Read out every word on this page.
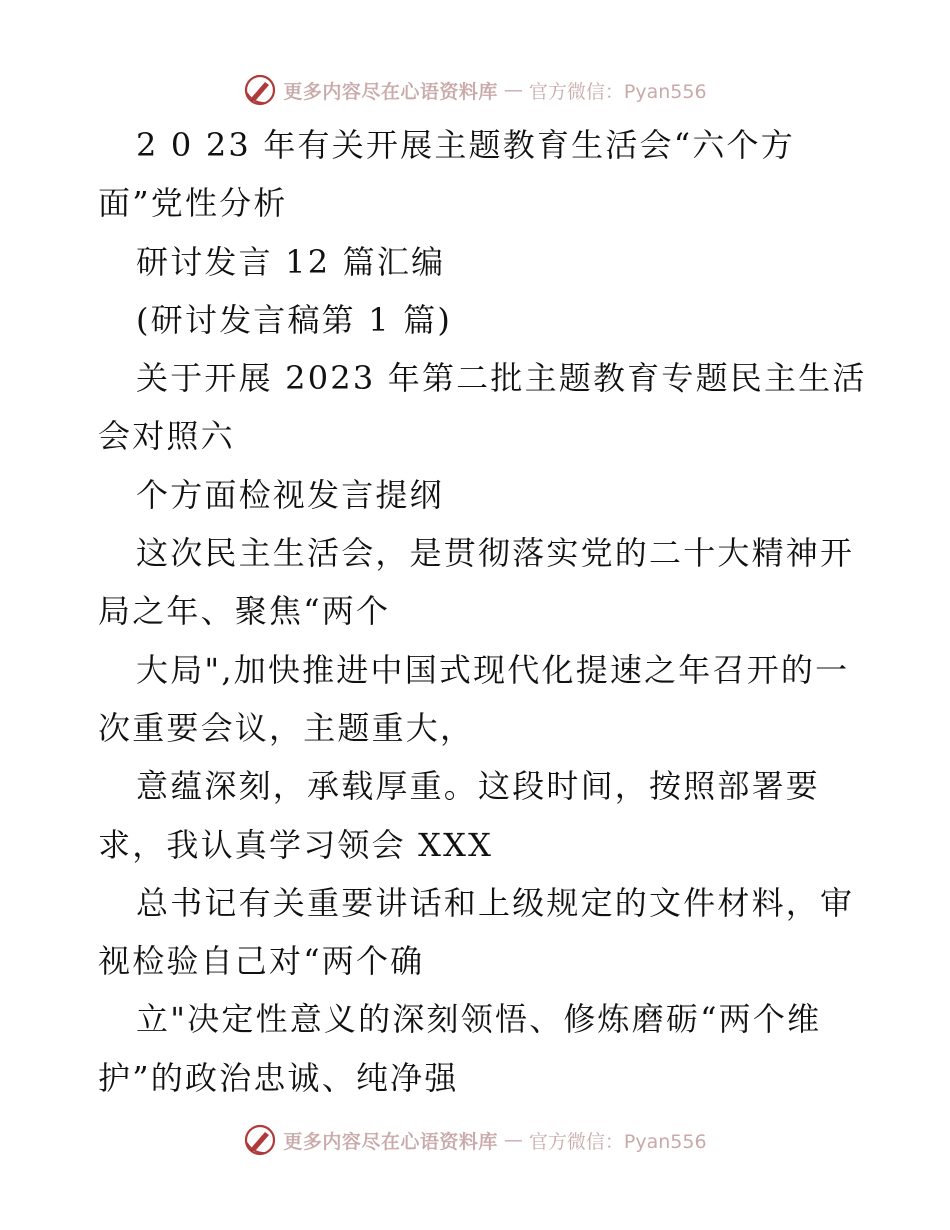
更多内容尽在心语资料库 — 官方微信：Pyan556
2 0 23 年有关开展主题教育生活会“六个方
面”党性分析
研讨发言 12 篇汇编
(研讨发言稿第 1 篇)
关于开展 2023 年第二批主题教育专题民主生活
会对照六
个方面检视发言提纲
这次民主生活会，是贯彻落实党的二十大精神开
局之年、聚焦“两个
大局",加快推进中国式现代化提速之年召开的一
次重要会议，主题重大，
意蕴深刻，承载厚重。这段时间，按照部署要
求，我认真学习领会 XXX
总书记有关重要讲话和上级规定的文件材料，审
视检验自己对“两个确
立"决定性意义的深刻领悟、修炼磨砺“两个维
护”的政治忠诚、纯净强
更多内容尽在心语资料库 — 官方微信：Pyan556
